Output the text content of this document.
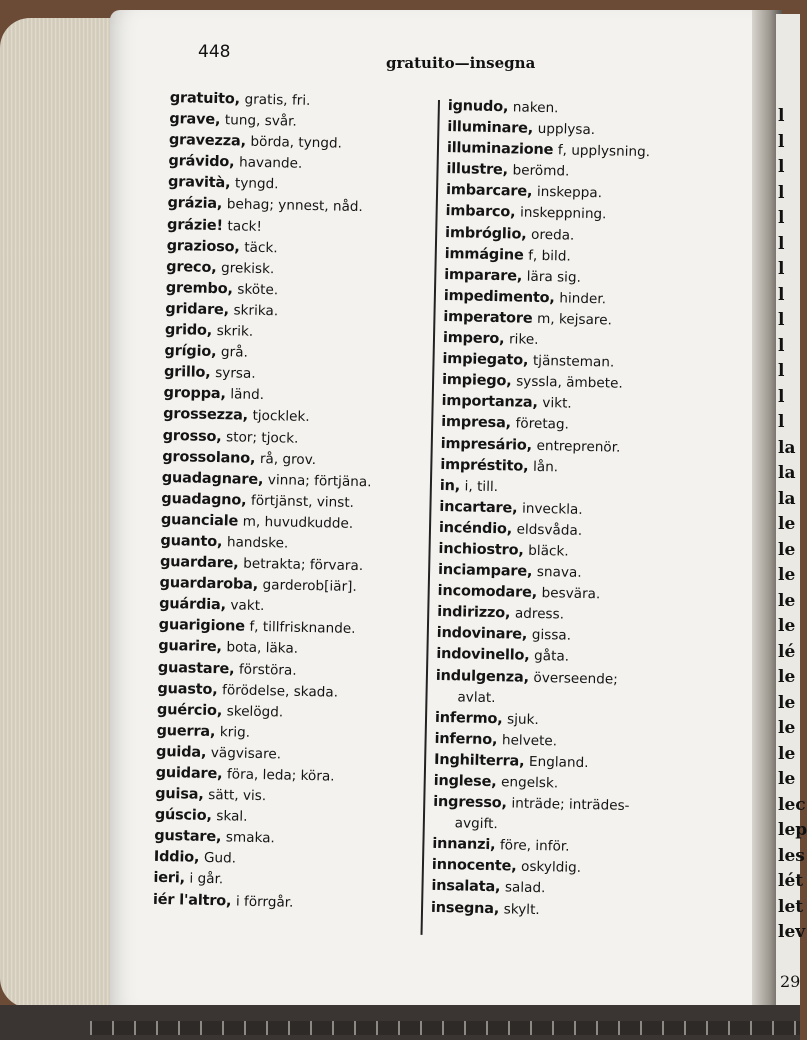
29
l
l
l
l
l
l
l
l
l
l
l
l
l
la
la
la
le
le
le
le
le
lé
le
le
le
le
le
lec
lep
les
lét
let
lev
448
gratuito—insegna
gratuito, gratis, fri.
grave, tung, svår.
gravezza, börda, tyngd.
grávido, havande.
gravità, tyngd.
grázia, behag; ynnest, nåd.
grázie! tack!
grazioso, täck.
greco, grekisk.
grembo, sköte.
gridare, skrika.
grido, skrik.
grígio, grå.
grillo, syrsa.
groppa, länd.
grossezza, tjocklek.
grosso, stor; tjock.
grossolano, rå, grov.
guadagnare, vinna; förtjäna.
guadagno, förtjänst, vinst.
guanciale m, huvudkudde.
guanto, handske.
guardare, betrakta; förvara.
guardaroba, garderob[iär].
guárdia, vakt.
guarigione f, tillfrisknande.
guarire, bota, läka.
guastare, förstöra.
guasto, förödelse, skada.
guércio, skelögd.
guerra, krig.
guida, vägvisare.
guidare, föra, leda; köra.
guisa, sätt, vis.
gúscio, skal.
gustare, smaka.
Iddio, Gud.
ieri, i går.
iér l'altro, i förrgår.
ignudo, naken.
illuminare, upplysa.
illuminazione f, upplysning.
illustre, berömd.
imbarcare, inskeppa.
imbarco, inskeppning.
imbróglio, oreda.
immágine f, bild.
imparare, lära sig.
impedimento, hinder.
imperatore m, kejsare.
impero, rike.
impiegato, tjänsteman.
impiego, syssla, ämbete.
importanza, vikt.
impresa, företag.
impresário, entreprenör.
impréstito, lån.
in, i, till.
incartare, inveckla.
incéndio, eldsvåda.
inchiostro, bläck.
inciampare, snava.
incomodare, besvära.
indirizzo, adress.
indovinare, gissa.
indovinello, gåta.
indulgenza, överseende;
avlat.
infermo, sjuk.
inferno, helvete.
Inghilterra, England.
inglese, engelsk.
ingresso, inträde; inträdes-
avgift.
innanzi, före, inför.
innocente, oskyldig.
insalata, salad.
insegna, skylt.
